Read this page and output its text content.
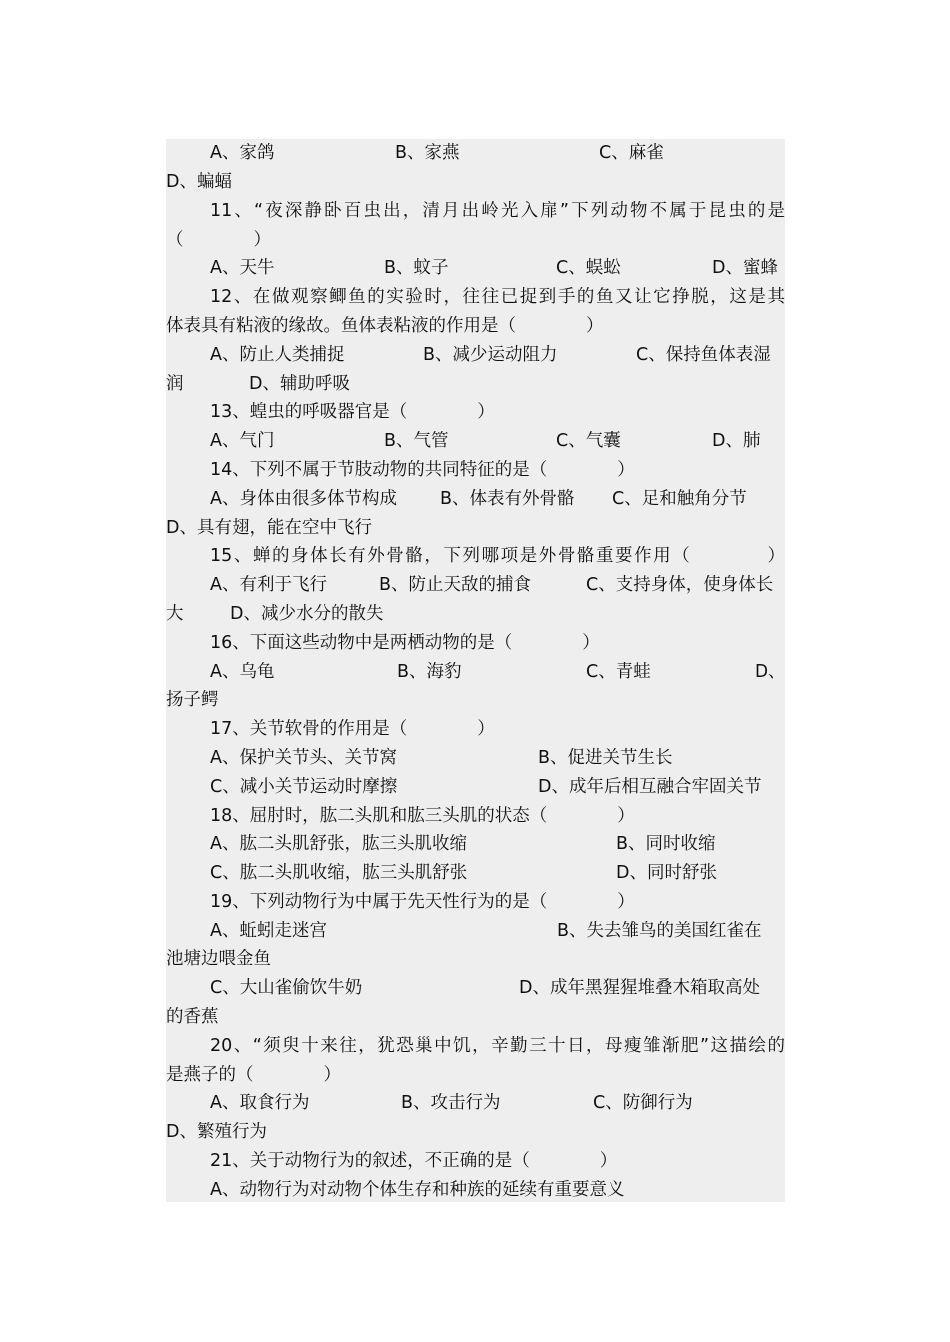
A、家鸽	B、家燕	C、麻雀
D、蝙蝠
11、“夜深静卧百虫出，清月出岭光入扉”下列动物不属于昆虫的是
（　　　　）
A、天牛	B、蚊子	C、蜈蚣	D、蜜蜂
12、在做观察鲫鱼的实验时，往往已捉到手的鱼又让它挣脱，这是其
体表具有粘液的缘故。鱼体表粘液的作用是（　　　　）
A、防止人类捕捉	B、减少运动阻力	C、保持鱼体表湿
润	D、辅助呼吸
13、蝗虫的呼吸器官是（　　　　）
A、气门	B、气管	C、气囊	D、肺
14、下列不属于节肢动物的共同特征的是（　　　　）
A、身体由很多体节构成 B、体表有外骨骼 C、足和触角分节
D、具有翅，能在空中飞行
15、蝉的身体长有外骨骼，下列哪项是外骨骼重要作用（　　　　）
A、有利于飞行	B、防止天敌的捕食	C、支持身体，使身体长
大	D、减少水分的散失
16、下面这些动物中是两栖动物的是（　　　　）
A、乌龟	B、海豹	C、青蛙	D、
扬子鳄
17、关节软骨的作用是（　　　　）
A、保护关节头、关节窝	B、促进关节生长
C、减小关节运动时摩擦	D、成年后相互融合牢固关节
18、屈肘时，肱二头肌和肱三头肌的状态（　　　　）
A、肱二头肌舒张，肱三头肌收缩	B、同时收缩
C、肱二头肌收缩，肱三头肌舒张	D、同时舒张
19、下列动物行为中属于先天性行为的是（　　　　）
A、蚯蚓走迷宫	B、失去雏鸟的美国红雀在
池塘边喂金鱼
C、大山雀偷饮牛奶	D、成年黑猩猩堆叠木箱取高处
的香蕉
20、“须臾十来往，犹恐巢中饥，辛勤三十日，母瘦雏渐肥”这描绘的
是燕子的（　　　　）
A、取食行为	B、攻击行为	C、防御行为
D、繁殖行为
21、关于动物行为的叙述，不正确的是（　　　　）
A、动物行为对动物个体生存和种族的延续有重要意义
